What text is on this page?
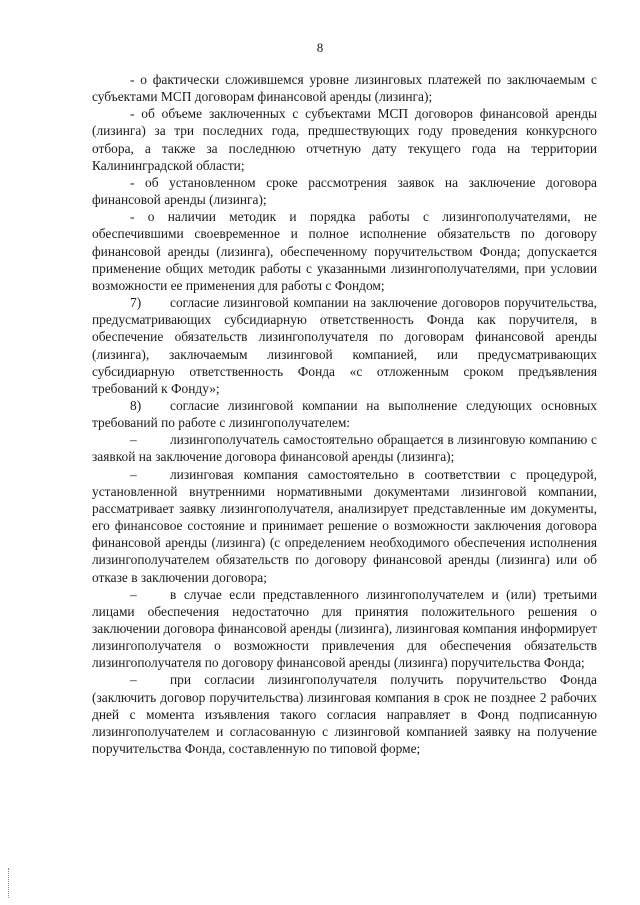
8

- о фактически сложившемся уровне лизинговых платежей по заключаемым с субъектами МСП договорам финансовой аренды (лизинга);

- об объеме заключенных с субъектами МСП договоров финансовой аренды (лизинга) за три последних года, предшествующих году проведения конкурсного отбора, а также за последнюю отчетную дату текущего года на территории Калининградской области;

- об установленном сроке рассмотрения заявок на заключение договора финансовой аренды (лизинга);

- о наличии методик и порядка работы с лизингополучателями, не обеспечившими своевременное и полное исполнение обязательств по договору финансовой аренды (лизинга), обеспеченному поручительством Фонда; допускается применение общих методик работы с указанными лизингополучателями, при условии возможности ее применения для работы с Фондом;

7) согласие лизинговой компании на заключение договоров поручительства, предусматривающих субсидиарную ответственность Фонда как поручителя, в обеспечение обязательств лизингополучателя по договорам финансовой аренды (лизинга), заключаемым лизинговой компанией, или предусматривающих субсидиарную ответственность Фонда «с отложенным сроком предъявления требований к Фонду»;

8) согласие лизинговой компании на выполнение следующих основных требований по работе с лизингополучателем:

– лизингополучатель самостоятельно обращается в лизинговую компанию с заявкой на заключение договора финансовой аренды (лизинга);

– лизинговая компания самостоятельно в соответствии с процедурой, установленной внутренними нормативными документами лизинговой компании, рассматривает заявку лизингополучателя, анализирует представленные им документы, его финансовое состояние и принимает решение о возможности заключения договора финансовой аренды (лизинга) (с определением необходимого обеспечения исполнения лизингополучателем обязательств по договору финансовой аренды (лизинга) или об отказе в заключении договора;

– в случае если представленного лизингополучателем и (или) третьими лицами обеспечения недостаточно для принятия положительного решения о заключении договора финансовой аренды (лизинга), лизинговая компания информирует лизингополучателя о возможности привлечения для обеспечения обязательств лизингополучателя по договору финансовой аренды (лизинга) поручительства Фонда;

– при согласии лизингополучателя получить поручительство Фонда (заключить договор поручительства) лизинговая компания в срок не позднее 2 рабочих дней с момента изъявления такого согласия направляет в Фонд подписанную лизингополучателем и согласованную с лизинговой компанией заявку на получение поручительства Фонда, составленную по типовой форме;
